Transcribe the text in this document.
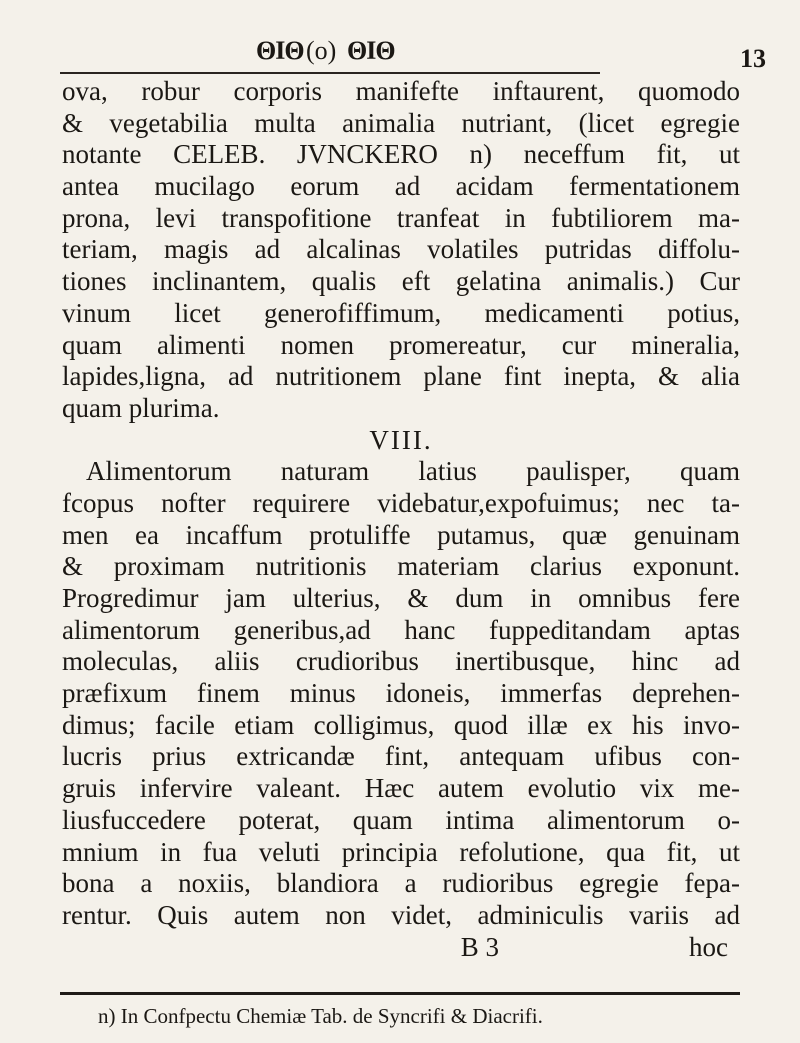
ΘΙΘ (o) ΘΙΘ	13
ova, robur corporis manifefte inftaurent, quomodo
& vegetabilia multa animalia nutriant, (licet egregie
notante CELEB. JVNCKERO n) neceffum fit, ut
antea mucilago eorum ad acidam fermentationem
prona, levi transpofitione tranfeat in fubtiliorem ma-
teriam, magis ad alcalinas volatiles putridas diffolu-
tiones inclinantem, qualis eft gelatina animalis.) Cur
vinum licet generofiffimum, medicamenti potius,
quam alimenti nomen promereatur, cur mineralia,
lapides,ligna, ad nutritionem plane fint inepta, & alia
quam plurima.
VIII.
Alimentorum naturam latius paulisper, quam
fcopus nofter requirere videbatur,expofuimus; nec ta-
men ea incaffum protuliffe putamus, quæ genuinam
& proximam nutritionis materiam clarius exponunt.
Progredimur jam ulterius, & dum in omnibus fere
alimentorum generibus,ad hanc fuppeditandam aptas
moleculas, aliis crudioribus inertibusque, hinc ad
præfixum finem minus idoneis, immerfas deprehen-
dimus; facile etiam colligimus, quod illæ ex his invo-
lucris prius extricandæ fint, antequam ufibus con-
gruis infervire valeant. Hæc autem evolutio vix me-
liusfuccedere poterat, quam intima alimentorum o-
mnium in fua veluti principia refolutione, qua fit, ut
bona a noxiis, blandiora a rudioribus egregie fepa-
rentur. Quis autem non videt, adminiculis variis ad
B 3	hoc
n) In Confpectu Chemiæ Tab. de Syncrifi & Diacrifi.
